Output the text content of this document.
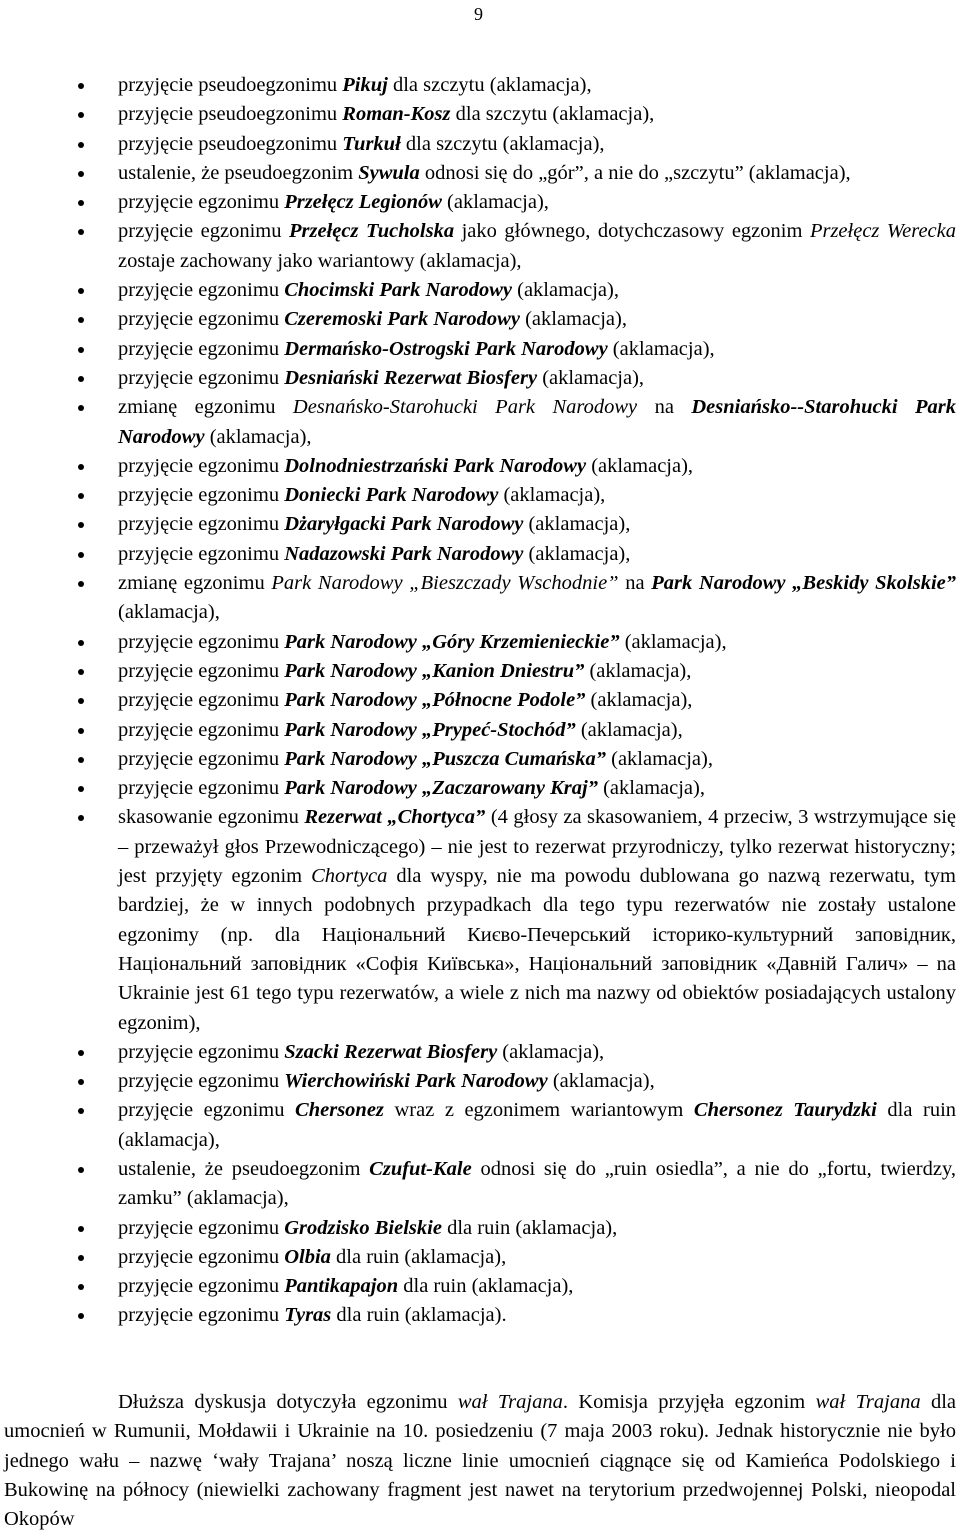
9
przyjęcie pseudoegzonimu Pikuj dla szczytu (aklamacja),
przyjęcie pseudoegzonimu Roman-Kosz dla szczytu (aklamacja),
przyjęcie pseudoegzonimu Turkuł dla szczytu (aklamacja),
ustalenie, że pseudoegzonim Sywula odnosi się do „gór”, a nie do „szczytu” (aklamacja),
przyjęcie egzonimu Przełęcz Legionów (aklamacja),
przyjęcie egzonimu Przełęcz Tucholska jako głównego, dotychczasowy egzonim Przełęcz Werecka zostaje zachowany jako wariantowy (aklamacja),
przyjęcie egzonimu Chocimski Park Narodowy (aklamacja),
przyjęcie egzonimu Czeremoski Park Narodowy (aklamacja),
przyjęcie egzonimu Dermańsko-Ostrogski Park Narodowy (aklamacja),
przyjęcie egzonimu Desniański Rezerwat Biosfery (aklamacja),
zmianę egzonimu Desnańsko-Starohucki Park Narodowy na Desniańsko--Starohucki Park Narodowy (aklamacja),
przyjęcie egzonimu Dolnodniestrzański Park Narodowy (aklamacja),
przyjęcie egzonimu Doniecki Park Narodowy (aklamacja),
przyjęcie egzonimu Dżaryłgacki Park Narodowy (aklamacja),
przyjęcie egzonimu Nadazowski Park Narodowy (aklamacja),
zmianę egzonimu Park Narodowy „Bieszczady Wschodnie” na Park Narodowy „Beskidy Skolskie” (aklamacja),
przyjęcie egzonimu Park Narodowy „Góry Krzemienieckie” (aklamacja),
przyjęcie egzonimu Park Narodowy „Kanion Dniestru” (aklamacja),
przyjęcie egzonimu Park Narodowy „Północne Podole” (aklamacja),
przyjęcie egzonimu Park Narodowy „Prypeć-Stochód” (aklamacja),
przyjęcie egzonimu Park Narodowy „Puszcza Cumańska” (aklamacja),
przyjęcie egzonimu Park Narodowy „Zaczarowany Kraj” (aklamacja),
skasowanie egzonimu Rezerwat „Chortyca” (4 głosy za skasowaniem, 4 przeciw, 3 wstrzymujące się – przeważył głos Przewodniczącego) – nie jest to rezerwat przyrodniczy, tylko rezerwat historyczny; jest przyjęty egzonim Chortyca dla wyspy, nie ma powodu dublowana go nazwą rezerwatu, tym bardziej, że w innych podobnych przypadkach dla tego typu rezerwatów nie zostały ustalone egzonimy (np. dla Національний Києво-Печерський історико-культурний заповідник, Національний заповідник «Софія Київська», Національний заповідник «Давній Галич» – na Ukrainie jest 61 tego typu rezerwatów, a wiele z nich ma nazwy od obiektów posiadających ustalony egzonim),
przyjęcie egzonimu Szacki Rezerwat Biosfery (aklamacja),
przyjęcie egzonimu Wierchowiński Park Narodowy (aklamacja),
przyjęcie egzonimu Chersonez wraz z egzonimem wariantowym Chersonez Taurydzki dla ruin (aklamacja),
ustalenie, że pseudoegzonim Czufut-Kale odnosi się do „ruin osiedla”, a nie do „fortu, twierdzy, zamku” (aklamacja),
przyjęcie egzonimu Grodzisko Bielskie dla ruin (aklamacja),
przyjęcie egzonimu Olbia dla ruin (aklamacja),
przyjęcie egzonimu Pantikapajon dla ruin (aklamacja),
przyjęcie egzonimu Tyras dla ruin (aklamacja).

Dłuższa dyskusja dotyczyła egzonimu wał Trajana. Komisja przyjęła egzonim wał Trajana dla umocnień w Rumunii, Mołdawii i Ukrainie na 10. posiedzeniu (7 maja 2003 roku). Jednak historycznie nie było jednego wału – nazwę ‘wały Trajana’ noszą liczne linie umocnień ciągnące się od Kamieńca Podolskiego i Bukowinę na północy (niewielki zachowany fragment jest nawet na terytorium przedwojennej Polski, nieopodal Okopów
